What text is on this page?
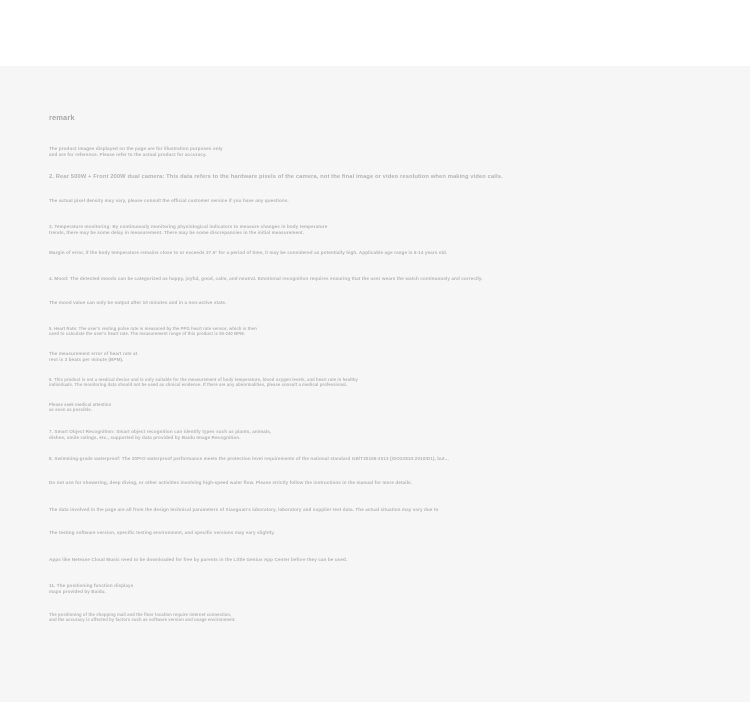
remark

The product images displayed on the page are for illustration purposes only
and are for reference. Please refer to the actual product for accuracy.

2. Rear 500W + Front 200W dual camera: This data refers to the hardware pixels of the camera, not the final image or video resolution when making video calls.

The actual pixel density may vary, please consult the official customer service if you have any questions.

3. Temperature monitoring: By continuously monitoring physiological indicators to measure changes in body temperature
trends, there may be some delay in measurement. There may be some discrepancies in the initial measurement.

Margin of error, if the body temperature remains close to or exceeds 37.5° for a period of time, it may be considered as potentially high. Applicable age range is 6-14 years old.

4. Mood: The detected moods can be categorized as happy, joyful, good, calm, and neutral. Emotional recognition requires ensuring that the user wears the watch continuously and correctly.

The mood value can only be output after 10 minutes and in a non-active state.

5. Heart Rate: The user's resting pulse rate is measured by the PPG heart rate sensor, which is then
used to calculate the user's heart rate. The measurement range of this product is 50-240 BPM.

The measurement error of heart rate at
rest is 3 beats per minute (BPM).

6. This product is not a medical device and is only suitable for the measurement of body temperature, blood oxygen levels, and heart rate in healthy
individuals. The monitoring data should not be used as clinical evidence. If there are any abnormalities, please consult a medical professional.

Please seek medical attention
as soon as possible.

7. Smart Object Recognition: Smart object recognition can identify types such as plants, animals,
dishes, smile ratings, etc., supported by data provided by Baidu Image Recognition.

8. Swimming-grade waterproof: The 20PrO waterproof performance meets the protection level requirements of the national standard GB/T30106-2013 (ISO22810:2010ID1), but...

Do not use for showering, deep diving, or other activities involving high-speed water flow. Please strictly follow the instructions in the manual for more details.

The data involved in the page are all from the design technical parameters of Xiaoguan's laboratory, laboratory and supplier test data. The actual situation may vary due to

The testing software version, specific testing environment, and specific versions may vary slightly.

Apps like Netease Cloud Music need to be downloaded for free by parents in the Little Genius App Center before they can be used.

11. The positioning function displays
maps provided by Baidu.

The positioning of the shopping mall and the floor location require internet connection,
and the accuracy is affected by factors such as software version and usage environment.
